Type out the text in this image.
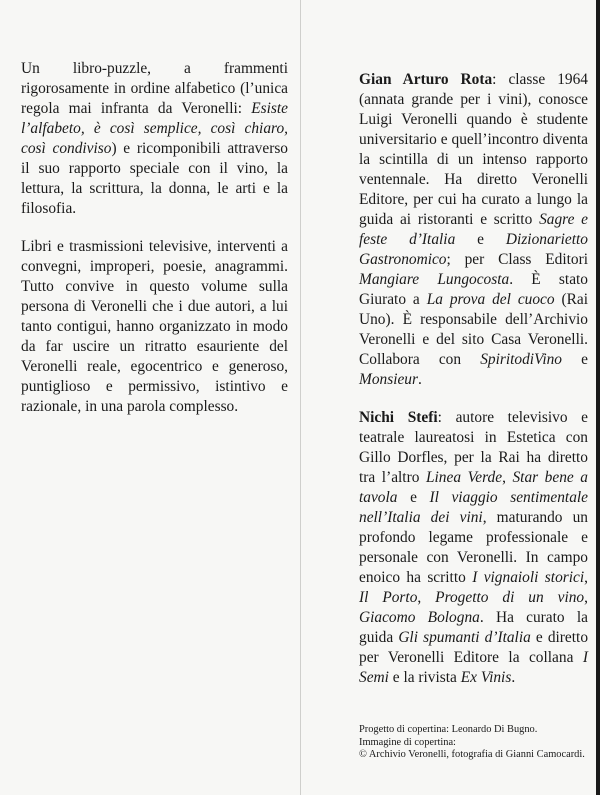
Un libro-puzzle, a frammenti rigorosamente in ordine alfabetico (l’unica regola mai infranta da Veronelli: Esiste l’alfabeto, è così semplice, così chiaro, così condiviso) e ricomponibili attraverso il suo rapporto speciale con il vino, la lettura, la scrittura, la donna, le arti e la filosofia.

Libri e trasmissioni televisive, interventi a convegni, improperi, poesie, anagrammi. Tutto convive in questo volume sulla persona di Veronelli che i due autori, a lui tanto contigui, hanno organizzato in modo da far uscire un ritratto esauriente del Veronelli reale, egocentrico e generoso, puntiglioso e permissivo, istintivo e razionale, in una parola complesso.

Gian Arturo Rota: classe 1964 (annata grande per i vini), conosce Luigi Veronelli quando è studente universitario e quell’incontro diventa la scintilla di un intenso rapporto ventennale. Ha diretto Veronelli Editore, per cui ha curato a lungo la guida ai ristoranti e scritto Sagre e feste d’Italia e Dizionarietto Gastronomico; per Class Editori Mangiare Lungocosta. È stato Giurato a La prova del cuoco (Rai Uno). È responsabile dell’Archivio Veronelli e del sito Casa Veronelli. Collabora con SpiritodiVino e Monsieur.

Nichi Stefi: autore televisivo e teatrale laureatosi in Estetica con Gillo Dorfles, per la Rai ha diretto tra l’altro Linea Verde, Star bene a tavola e Il viaggio sentimentale nell’Italia dei vini, maturando un profondo legame professionale e personale con Veronelli. In campo enoico ha scritto I vignaioli storici, Il Porto, Progetto di un vino, Giacomo Bologna. Ha curato la guida Gli spumanti d’Italia e diretto per Veronelli Editore la collana I Semi e la rivista Ex Vinis.

Progetto di copertina: Leonardo Di Bugno.
Immagine di copertina:
© Archivio Veronelli, fotografia di Gianni Camocardi.
